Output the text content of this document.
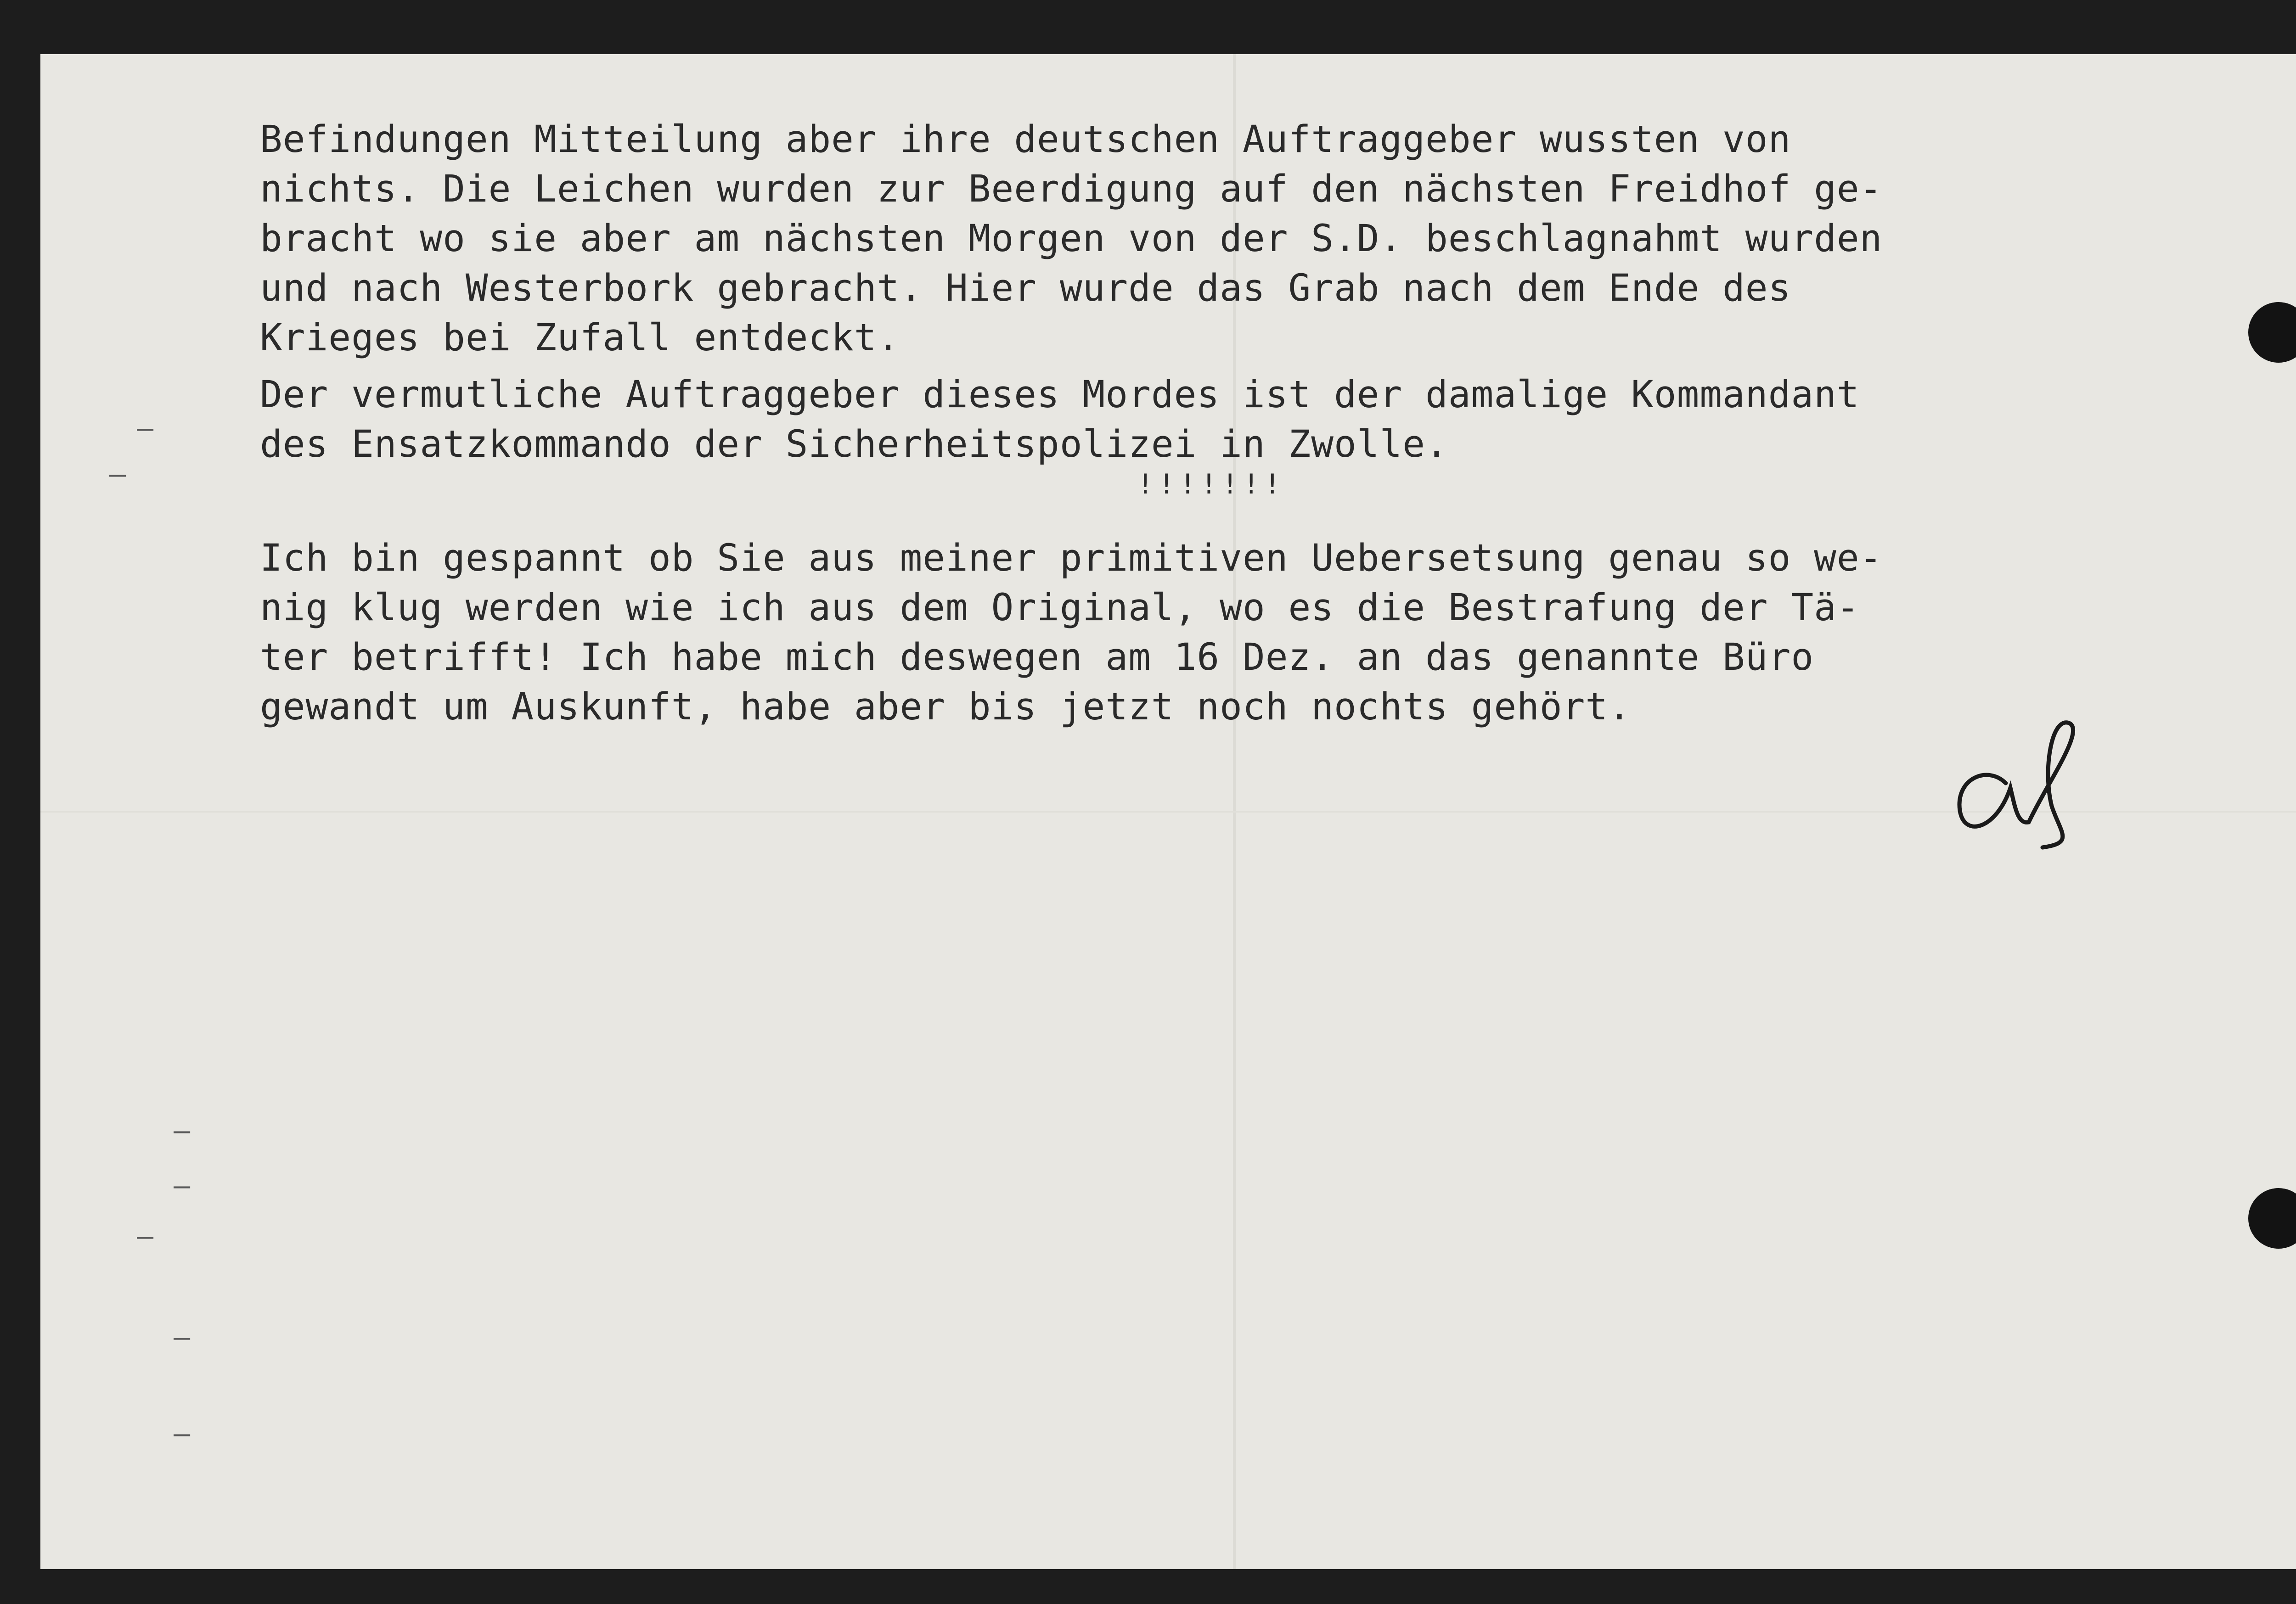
Befindungen Mitteilung aber ihre deutschen Auftraggeber wussten von
nichts. Die Leichen wurden zur Beerdigung auf den nächsten Freidhof ge-
bracht wo sie aber am nächsten Morgen von der S.D. beschlagnahmt wurden
und nach Westerbork gebracht. Hier wurde das Grab nach dem Ende des
Krieges bei Zufall entdeckt.
Der vermutliche Auftraggeber dieses Mordes ist der damalige Kommandant
des Ensatzkommando der Sicherheitspolizei in Zwolle.
!!!!!!!
Ich bin gespannt ob Sie aus meiner primitiven Uebersetsung genau so we-
nig klug werden wie ich aus dem Original, wo es die Bestrafung der Tä-
ter betrifft! Ich habe mich deswegen am 16 Dez. an das genannte Büro
gewandt um Auskunft, habe aber bis jetzt noch nochts gehört.
–
–
–
–
–
–
–
